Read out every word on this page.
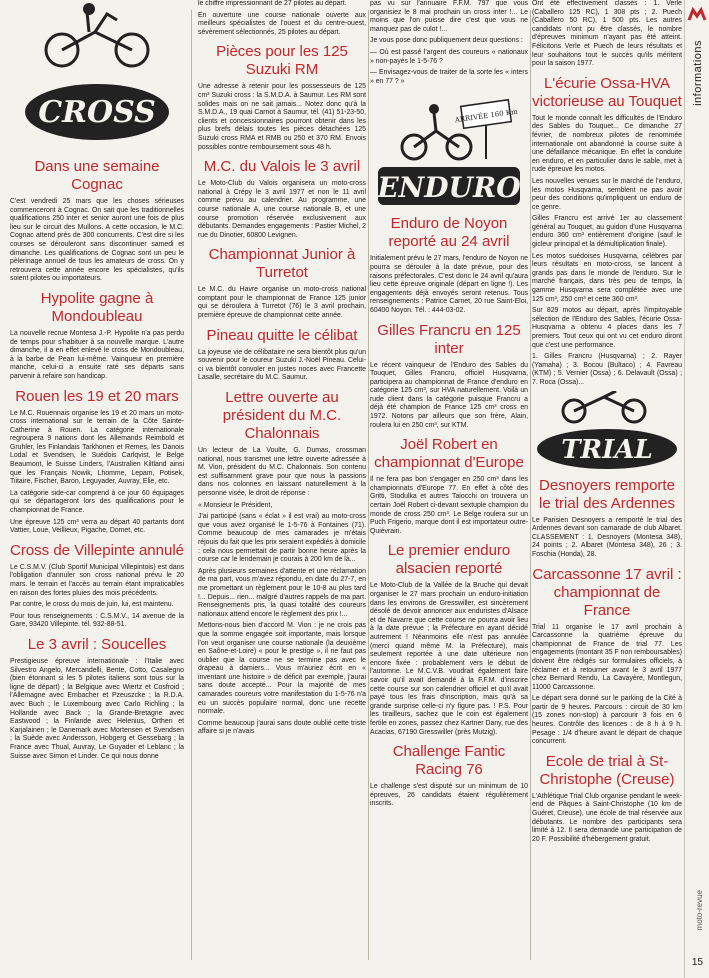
informations
moto-revue
15
CROSS
Dans une semaine Cognac

C'est vendredi 25 mars que les choses sérieuses commenceront à Cognac. On sait que les traditionnelles qualifications 250 inter et senior auront une fois de plus lieu sur le circuit des Mullons. A cette occasion, le M.C. Cognac attend près de 300 concurrents. C'est dire si les courses se dérouleront sans discontinuer samedi et dimanche. Les qualifications de Cognac sont un peu le pèlerinage annuel de tous les amateurs de cross. On y retrouvera cette année encore les spécialistes, qu'ils soient pilotes ou importateurs.

Hypolite gagne à Mondoubleau

La nouvelle recrue Montesa J.-P. Hypolite n'a pas perdu de temps pour s'habituer à sa nouvelle marque. L'autre dimanche, il a en effet enlevé le cross de Mondoubleau, à la barbe de Pean lui-même. Vainqueur en première manche, celui-ci a ensuite raté ses départs sans parvenir à refaire son handicap.

Rouen les 19 et 20 mars

Le M.C. Rouennais organise les 19 et 20 mars un moto-cross international sur le terrain de la Côte Sainte-Catherine à Rouen. La catégorie internationale regroupera 9 nations dont les Allemands Reimbold et Gruhler, les Finlandais Tarkhonen et Remes, les Danois Lodal et Svendsen, le Suédois Carlqvist, le Belge Beaumont, le Suisse Linders, l'Australien Kiltland ainsi que les Français Nowik, Lhomme, Lepam, Potisek, Tiitaire, Fischer, Baron, Leguyader, Auvray, Elie, etc.

La catégorie side-car comprend à ce jour 60 équipages qui se départageront lors des qualifications pour le championnat de France.

Une épreuve 125 cm³ verra au départ 40 partants dont Vattier, Loue, Veillieux, Pigache, Domet, etc.

Cross de Villepinte annulé

Le C.S.M.V. (Club Sportif Municipal Villepintois) est dans l'obligation d'annuler son cross national prévu le 20 mars. le terrain et l'accès au terrain étant impraticables en raison des fortes pluies des mois précédents.

Par contre, le cross du mois de juin, lui, est maintenu.

Pour tous renseignements : C.S.M.V., 14 avenue de la Gare, 93420 Villepinte. tél. 932-88-51.

Le 3 avril : Soucelles

Prestigieuse épreuve internationale : l'Italie avec Silvestro Angelo, Mercandelli, Bente, Cotto, Casalegno (bien étonnant si les 5 pilotes italiens sont tous sur la ligne de départ) ; la Belgique avec Wiertz et Cosfroid ; l'Allemagne avec Embacher et Pzeuszcke ; la R.D.A. avec Buch ; le Luxembourg avec Carlo Richling ; la Hollande avec Back ; la Grande-Bretagne avec Eastwood ; la Finlande avec Helenius, Orthen et Karjalainen ; le Danemark avec Mortensen et Svendsen ; la Suède avec Andersson, Hobgerg et Gessebarg ; la France avec Thual, Auvray, Le Guyader et Leblanc ; la Suisse avec Simon et Linder. Ce qui nous donne

le chiffre impressionnant de 27 pilotes au départ.

En ouverture une course nationale ouverte aux meilleurs spécialistes de l'ouest et du centre-ouest, sévèrement sélectionnés, 25 pilotes au départ.

Pièces pour les 125 Suzuki RM

Une adresse à retenir pour les possesseurs de 125 cm³ Suzuki cross : la S.M.D.A. à Saumur. Les RM sont solides mais on ne sait jamais... Notez donc qu'à la S.M.D.A., 19 quai Carnot à Saumur, tél. (41) 51-23-50, clients et concessionnaires pourront obtenir dans les plus brefs délais toutes les pièces détachées 125 Suzuki cross RMA et RMB ou 250 et 370 RM. Envois possibles contre remboursement sous 48 h.

M.C. du Valois le 3 avril

Le Moto-Club du Valois organisera un moto-cross national à Crépy le 3 avril 1977 et non le 11 avril comme prévu au calendrier. Au programme, une course nationale A, une course nationale B, et une course promotion réservée exclusivement aux débutants. Demandes engagements : Pastier Michel, 2 rue du Dinotier, 60800 Levignen.

Championnat Junior à Turretot

Le M.C. du Havre organise un moto-cross national comptant pour le championnat de France 125 junior qui se déroulera à Turretot (76) le 3 avril prochain, première épreuve de championnat cette année.

Pineau quitte le célibat

La joyeuse vie de célibataire ne sera bientôt plus qu'un souvenir pour le coureur Suzuki J.-Noël Pineau. Celui-ci va bientôt convoler en justes noces avec Francette Lasalle, secrétaire du M.C. Saumur.

Lettre ouverte au président du M.C. Chalonnais

Un lecteur de La Voulte, G. Dumas, crossman national, nous transmet une lettre ouverte adressée à M. Vion, président du M.C. Chalonnais. Son contenu est suffisamment grave pour que nous la passions dans nos colonnes en laissant naturellement à la personne visée, le droit de réponse :

« Monsieur le Président,

J'ai participé (sans « éclat » il est vrai) au moto-cross que vous avez organisé le 1-5-76 à Fontaines (71). Comme beaucoup de mes camarades je m'étais réjouis du fait que les prix seraient expédiés à domicile : cela nous permettait de partir bonne heure après la course car le lendemain je courais à 200 km de là...

Après plusieurs semaines d'attente et une réclamation de ma part, vous m'avez répondu, en date du 27-7, en me promettant un règlement pour le 10-8 au plus tard !... Depuis... rien... malgré d'autres rappels de ma part. Renseignements pris, la quasi totalité des coureurs nationaux attend encore le règlement des prix !...

Mettons-nous bien d'accord M. Vion : je ne crois pas que la somme engagée soit importante, mais lorsque l'on veut organiser une course nationale (la deuxième en Saône-et-Loire) « pour le prestige », il ne faut pas oublier que la course ne se termine pas avec le drapeau à damiers... Vous m'auriez écrit en « inventant une histoire » de déficit par exemple, j'aurai sans doute accepté... Pour la majorité de mes camarades coureurs votre manifestation du 1-5-76 n'a eu un succès populaire normal, donc une recette normale.

Comme beaucoup j'aurai sans doute oublié cette triste affaire si je n'avais

pas vu sur l'annuaire F.F.M. 797 que vous organisiez le 8 mai prochain un cross inter !... Le moins que l'on puisse dire c'est que vous ne manquez pas de culot !...

Je vous pose donc publiquement deux questions :

— Où est passé l'argent des coureurs « nationaux » non-payés le 1-5-76 ?

— Envisagez-vous de traiter de la sorte les « inters » en 77 ? »

ARRIVÉE 160 Km
ENDURO
Enduro de Noyon reporté au 24 avril

Initialement prévu le 27 mars, l'enduro de Noyon ne pourra se dérouler à la date prévue, pour des raisons préfectorales. C'est donc le 24 avril qu'aura lieu cette épreuve originale (départ en ligne !). Les engagements déjà envoyés seront retenus. Tous renseignements : Patrice Carnet, 20 rue Saint-Eloi, 60400 Noyon. Tél. : 444-03-02.

Gilles Francru en 125 inter

Le récent vainqueur de l'Enduro des Sables du Touquet, Gilles Francru, officiel Husqvarna, participera au championnat de France d'enduro en catégorie 125 cm³, sur HVA naturellement. Voilà un rude client dans la catégorie puisque Francru a déjà été champion de France 125 cm³ cross en 1972. Notons par ailleurs que son frère, Alain, roulera lui en 250 cm³, sur KTM.

Joël Robert en championnat d'Europe

Il ne fera pas bon s'engager en 250 cm³ dans les championnats d'Europe 77. En effet à côté des Gritti, Stodulka et autres Taiocchi on trouvera un certain Joël Robert ci-devant sextuple champion du monde de cross 250 cm³. Le Belge roulera sur un Puch Frigerio, marque dont il est importateur outre-Quiévrain.

Le premier enduro alsacien reporté

Le Moto-Club de la Vallée de la Bruche qui devait organiser le 27 mars prochain un enduro-initiation dans les environs de Gresswiller, est sincèrement désolé de devoir annoncer aux enduristes d'Alsace et de Navarre que cette course ne pourra avoir lieu à la date prévue ; la Préfecture en ayant décidé autrement ! Néanmoins elle n'est pas annulée (merci quand même M. la Préfecture), mais seulement reportée à une date ultérieure non encore fixée : probablement vers le début de l'automne. Le M.C.V.B. voudrait également faire savoir qu'il avait demandé à la F.F.M. d'inscrire cette course sur son calendrier officiel et qu'il avait payé tous les frais d'inscription, mais qu'à sa grande surprise celle-ci n'y figure pas. ! P.S. Pour les tirailleurs, sachez que le coin est également fertile en zones, passez chez Kartner Dany, rue des Acacias, 67190 Gresswiller (près Mutzig).

Challenge Fantic Racing 76

Le challenge s'est disputé sur un minimum de 10 épreuves, 26 candidats étaient régulièrement inscrits.

Ont été effectivement classés : 1. Verle (Caballero 125 RC), 1 308 pts ; 2. Puech (Caballero 50 RC), 1 500 pts. Les autres candidats n'ont pu être classés, le nombre d'épreuves minimum n'ayant pas été atteint. Félicitons Verle et Puech de leurs résultats et leur souhaitons tout le succès qu'ils méritent pour la saison 1977.

L'écurie Ossa-HVA victorieuse au Touquet

Tout le monde connaît les difficultés de l'Enduro des Sables du Touquet... Ce dimanche 27 février, de nombreux pilotes de renommée internationale ont abandonné la course suite à une défaillance mécanique. En effet la conduite en enduro, et en particulier dans le sable, met à rude épreuve les motos.

Les nouvelles venues sur le marché de l'enduro, les motos Husqvarna, semblent ne pas avoir peur des conditions qu'impliquent un enduro de ce genre.

Gilles Francru est arrivé 1er au classement général au Touquet, au guidon d'une Husqvarna enduro 360 cm³ entièrement d'origine (sauf le gicleur principal et la démultiplication finale).

Les motos suédoises Husqvarna, célèbres par leurs résultats en moto-cross, se lancent à grands pas dans le monde de l'enduro. Sur le marché français, dans très peu de temps, la gamme Husqvarna sera complétée avec une 125 cm³, 250 cm³ et cette 360 cm³.

Sur 829 motos au départ, après l'impitoyable sélection de l'Enduro des Sables, l'écurie Ossa-Husqvarna a obtenu 4 places dans les 7 premiers. Tout ceux qui ont vu cet enduro diront que c'est une performance.

1. Gilles Francru (Husqvarna) ; 2. Rayer (Yamaha) ; 3. Bocou (Bultaco) ; 4. Favreau (KTM) ; 5. Vernier (Ossa) ; 6. Delavault (Ossa) ; 7. Roca (Ossa)...

TRIAL
Desnoyers remporte le trial des Ardennes

Le Parisien Desnoyers a remporté le trial des Ardennes devant son camarade de club Albaret. CLASSEMENT : 1. Desnoyers (Montesa 348), 24 points ; 2. Albaret (Montesa 348), 26 ; 3. Foschia (Honda), 28.

Carcassonne 17 avril : championnat de France

Trial 11 organise le 17 avril prochain à Carcassonne la quatrième épreuve du championnat de France de trial 77. Les engagements (montant 35 F non remboursables) doivent être rédigés sur formulaires officiels, à réclamer et à retourner avant le 3 avril 1977 chez Bernard Rendu, La Cavayère, Montlegun, 11000 Carcassonne.

Le départ sera donné sur le parking de la Cité à partir de 9 heures. Parcours : circuit de 30 km (15 zones non-stop) à parcourir 3 fois en 6 heures. Contrôle des licences : de 8 h à 9 h. Pesage : 1/4 d'heure avant le départ de chaque concurrent.

Ecole de trial à St-Christophe (Creuse)

L'Athlétique Trial Club organise pendant le week-end de Pâques à Saint-Christophe (10 km de Guéret, Creuse), une école de trial réservée aux débutants. Le nombre des participants sera limité à 12. Il sera demandé une participation de 20 F. Possibilité d'hébergement gratuit.
